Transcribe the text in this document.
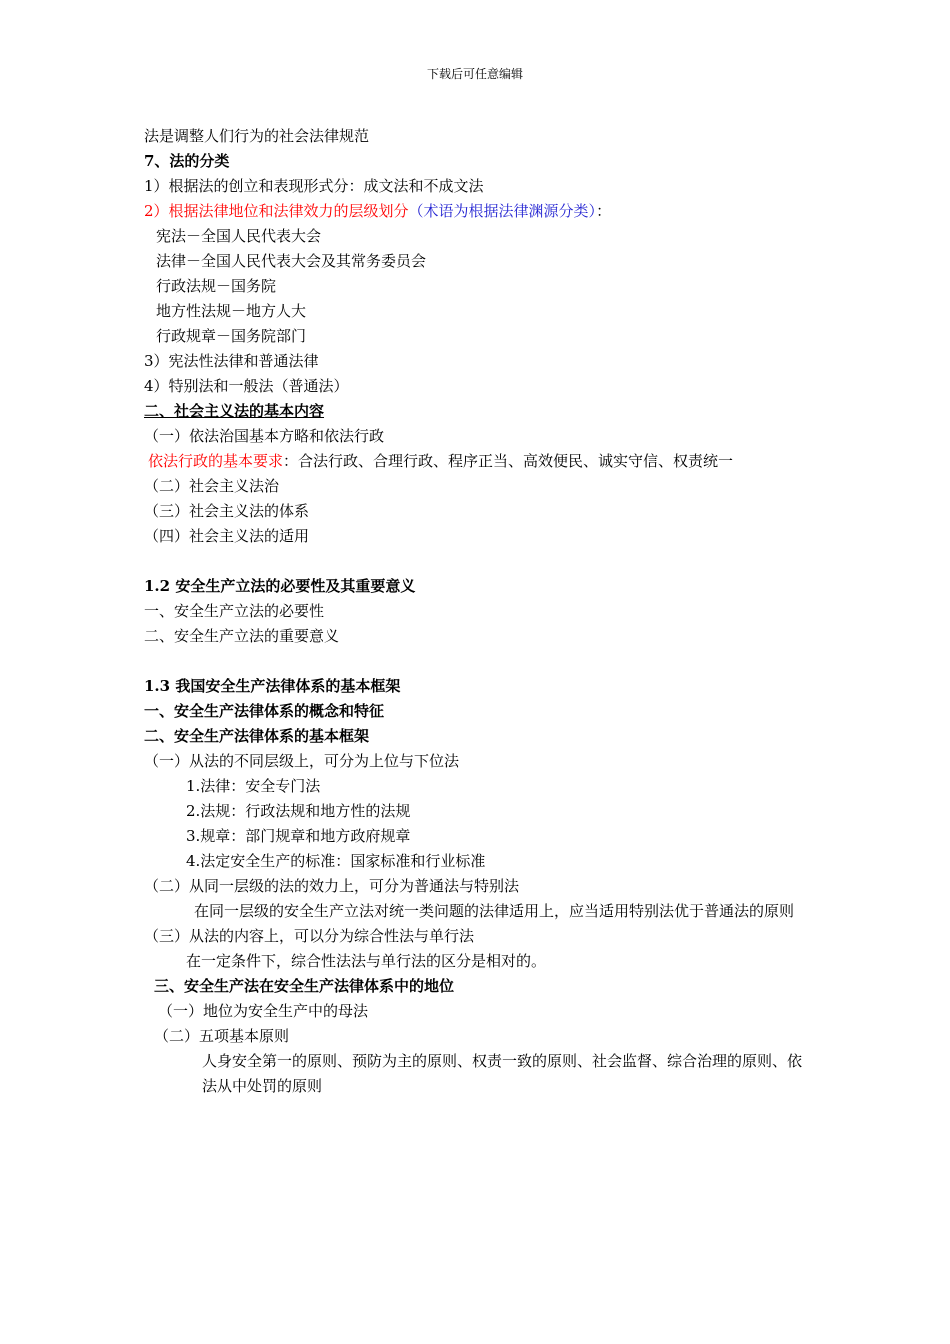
下载后可任意编辑
法是调整人们行为的社会法律规范
7、法的分类
1）根据法的创立和表现形式分：成文法和不成文法
2）根据法律地位和法律效力的层级划分（术语为根据法律渊源分类）：
宪法－全国人民代表大会
法律－全国人民代表大会及其常务委员会
行政法规－国务院
地方性法规－地方人大
行政规章－国务院部门
3）宪法性法律和普通法律
4）特别法和一般法（普通法）
二、社会主义法的基本内容
（一）依法治国基本方略和依法行政
依法行政的基本要求：合法行政、合理行政、程序正当、高效便民、诚实守信、权责统一
（二）社会主义法治
（三）社会主义法的体系
（四）社会主义法的适用
1.2 安全生产立法的必要性及其重要意义
一、安全生产立法的必要性
二、安全生产立法的重要意义
1.3 我国安全生产法律体系的基本框架
一、安全生产法律体系的概念和特征
二、安全生产法律体系的基本框架
（一）从法的不同层级上，可分为上位与下位法
1.法律：安全专门法
2.法规：行政法规和地方性的法规
3.规章：部门规章和地方政府规章
4.法定安全生产的标准：国家标准和行业标准
（二）从同一层级的法的效力上，可分为普通法与特别法
在同一层级的安全生产立法对统一类问题的法律适用上，应当适用特别法优于普通法的原则
（三）从法的内容上，可以分为综合性法与单行法
在一定条件下，综合性法法与单行法的区分是相对的。
三、安全生产法在安全生产法律体系中的地位
（一）地位为安全生产中的母法
（二）五项基本原则
人身安全第一的原则、预防为主的原则、权责一致的原则、社会监督、综合治理的原则、依法从中处罚的原则
